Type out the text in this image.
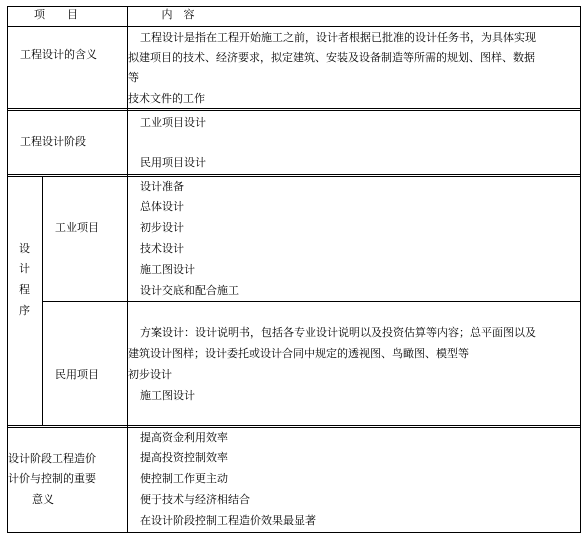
项　　目	内　容
工程设计的含义
工程设计是指在工程开始施工之前，设计者根据已批准的设计任务书，为具体实现
拟建项目的技术、经济要求，拟定建筑、安装及设备制造等所需的规划、图样、数据
等
技术文件的工作
工程设计阶段
工业项目设计
民用项目设计
设
计
程
序
工业项目
设计准备
总体设计
初步设计
技术设计
施工图设计
设计交底和配合施工
民用项目
方案设计：设计说明书，包括各专业设计说明以及投资估算等内容；总平面图以及
建筑设计图样；设计委托或设计合同中规定的透视图、鸟瞰图、模型等
初步设计
施工图设计
设计阶段工程造价
计价与控制的重要
意义
提高资金利用效率
提高投资控制效率
使控制工作更主动
便于技术与经济相结合
在设计阶段控制工程造价效果最显著
